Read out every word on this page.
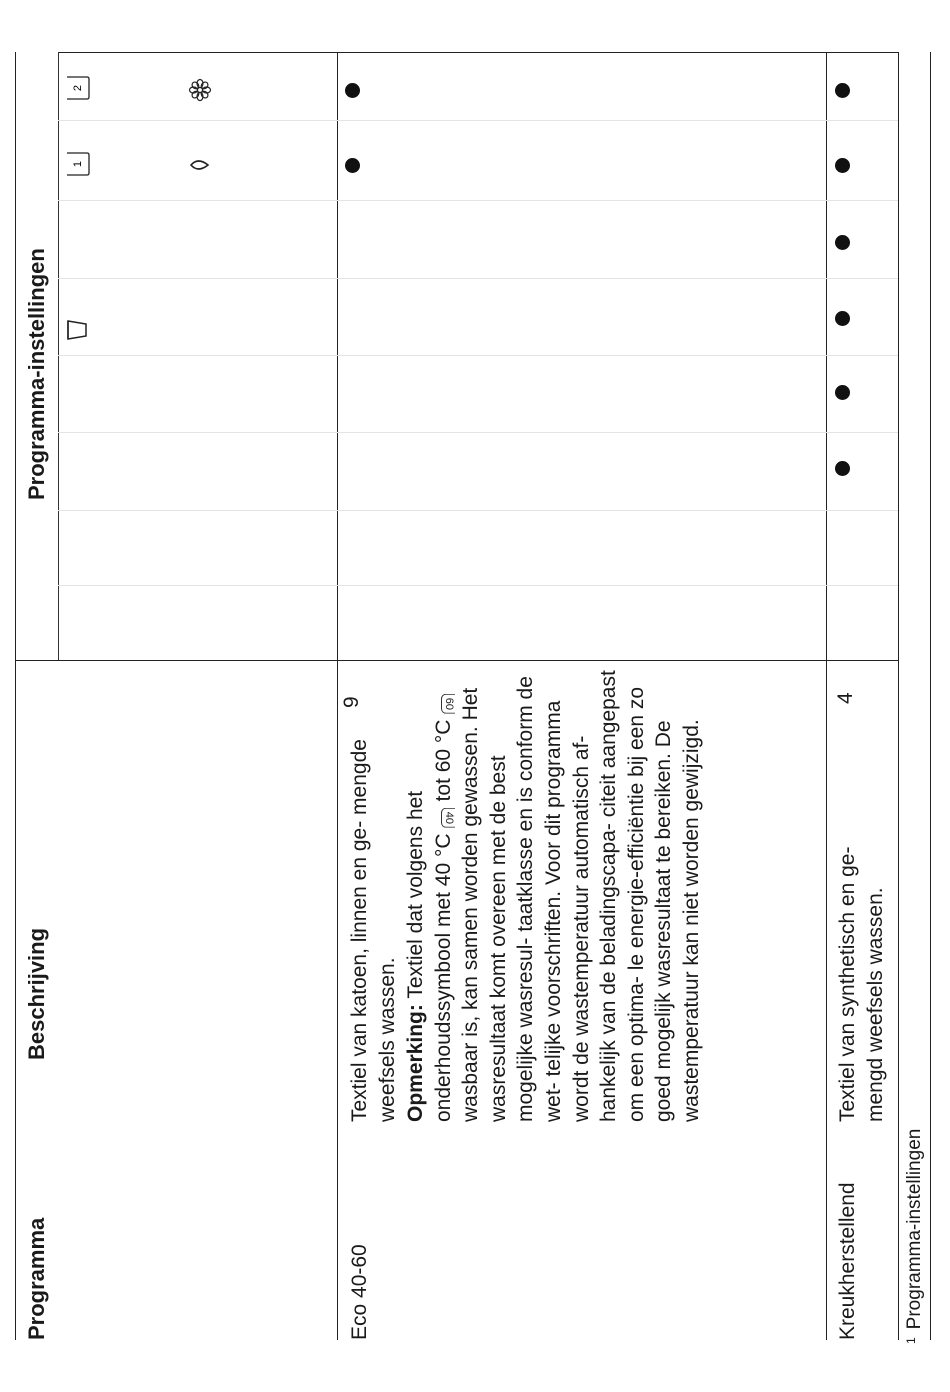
Programma
Beschrijving
Programma-instellingen
1
2
Eco 40-60
Textiel van katoen, linnen en ge- mengde weefsels wassen. Opmerking: Textiel dat volgens het onderhoudssymbool met 40 °C 40 tot 60 °C 60 wasbaar is, kan samen worden gewassen. Het wasresultaat komt overeen met de best mogelijke wasresul- taatklasse en is conform de wet- telijke voorschriften. Voor dit programma wordt de wastemperatuur automatisch af- hankelijk van de beladingscapa- citeit aangepast om een optima- le energie-efficiëntie bij een zo goed mogelijk wasresultaat te bereiken. De wastemperatuur kan niet worden gewijzigd.
9
Kreukherstellend
Textiel van synthetisch en ge- mengd weefsels wassen.
4
$^1$Programma-instellingen
